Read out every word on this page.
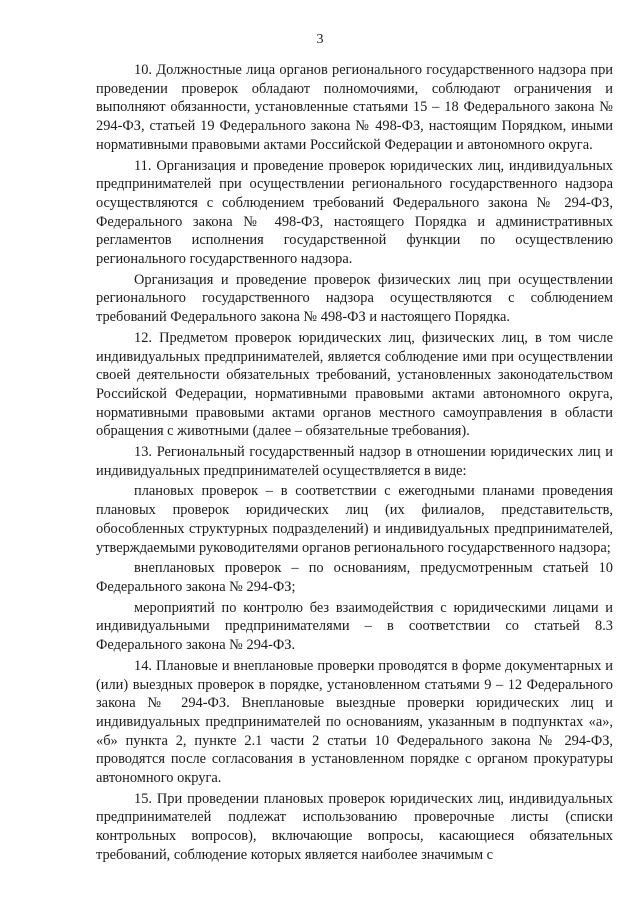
3

10. Должностные лица органов регионального государственного надзора при проведении проверок обладают полномочиями, соблюдают ограничения и выполняют обязанности, установленные статьями 15 – 18 Федерального закона № 294-ФЗ, статьей 19 Федерального закона № 498-ФЗ, настоящим Порядком, иными нормативными правовыми актами Российской Федерации и автономного округа.

11. Организация и проведение проверок юридических лиц, индивидуальных предпринимателей при осуществлении регионального государственного надзора осуществляются с соблюдением требований Федерального закона № 294-ФЗ, Федерального закона № 498-ФЗ, настоящего Порядка и административных регламентов исполнения государственной функции по осуществлению регионального государственного надзора.

Организация и проведение проверок физических лиц при осуществлении регионального государственного надзора осуществляются с соблюдением требований Федерального закона № 498-ФЗ и настоящего Порядка.

12. Предметом проверок юридических лиц, физических лиц, в том числе индивидуальных предпринимателей, является соблюдение ими при осуществлении своей деятельности обязательных требований, установленных законодательством Российской Федерации, нормативными правовыми актами автономного округа, нормативными правовыми актами органов местного самоуправления в области обращения с животными (далее – обязательные требования).

13. Региональный государственный надзор в отношении юридических лиц и индивидуальных предпринимателей осуществляется в виде:

плановых проверок – в соответствии с ежегодными планами проведения плановых проверок юридических лиц (их филиалов, представительств, обособленных структурных подразделений) и индивидуальных предпринимателей, утверждаемыми руководителями органов регионального государственного надзора;

внеплановых проверок – по основаниям, предусмотренным статьей 10 Федерального закона № 294-ФЗ;

мероприятий по контролю без взаимодействия с юридическими лицами и индивидуальными предпринимателями – в соответствии со статьей 8.3 Федерального закона № 294-ФЗ.

14. Плановые и внеплановые проверки проводятся в форме документарных и (или) выездных проверок в порядке, установленном статьями 9 – 12 Федерального закона № 294-ФЗ. Внеплановые выездные проверки юридических лиц и индивидуальных предпринимателей по основаниям, указанным в подпунктах «а», «б» пункта 2, пункте 2.1 части 2 статьи 10 Федерального закона № 294-ФЗ, проводятся после согласования в установленном порядке с органом прокуратуры автономного округа.

15. При проведении плановых проверок юридических лиц, индивидуальных предпринимателей подлежат использованию проверочные листы (списки контрольных вопросов), включающие вопросы, касающиеся обязательных требований, соблюдение которых является наиболее значимым с
